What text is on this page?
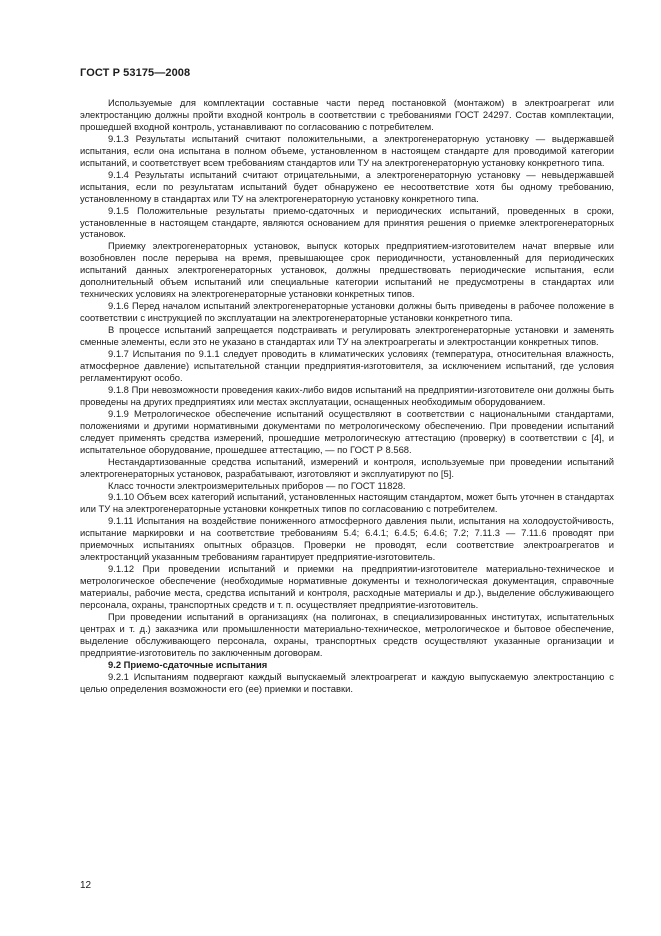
ГОСТ Р 53175—2008

Используемые для комплектации составные части перед постановкой (монтажом) в электроагрегат или электростанцию должны пройти входной контроль в соответствии с требованиями ГОСТ 24297. Состав комплектации, прошедшей входной контроль, устанавливают по согласованию с потребителем.

9.1.3 Результаты испытаний считают положительными, а электрогенераторную установку — выдержавшей испытания, если она испытана в полном объеме, установленном в настоящем стандарте для проводимой категории испытаний, и соответствует всем требованиям стандартов или ТУ на электрогенераторную установку конкретного типа.

9.1.4 Результаты испытаний считают отрицательными, а электрогенераторную установку — невыдержавшей испытания, если по результатам испытаний будет обнаружено ее несоответствие хотя бы одному требованию, установленному в стандартах или ТУ на электрогенераторную установку конкретного типа.

9.1.5 Положительные результаты приемо-сдаточных и периодических испытаний, проведенных в сроки, установленные в настоящем стандарте, являются основанием для принятия решения о приемке электрогенераторных установок.

Приемку электрогенераторных установок, выпуск которых предприятием-изготовителем начат впервые или возобновлен после перерыва на время, превышающее срок периодичности, установленный для периодических испытаний данных электрогенераторных установок, должны предшествовать периодические испытания, если дополнительный объем испытаний или специальные категории испытаний не предусмотрены в стандартах или технических условиях на электрогенераторные установки конкретных типов.

9.1.6 Перед началом испытаний электрогенераторные установки должны быть приведены в рабочее положение в соответствии с инструкцией по эксплуатации на электрогенераторные установки конкретного типа.

В процессе испытаний запрещается подстраивать и регулировать электрогенераторные установки и заменять сменные элементы, если это не указано в стандартах или ТУ на электроагрегаты и электростанции конкретных типов.

9.1.7 Испытания по 9.1.1 следует проводить в климатических условиях (температура, относительная влажность, атмосферное давление) испытательной станции предприятия-изготовителя, за исключением испытаний, где условия регламентируют особо.

9.1.8 При невозможности проведения каких-либо видов испытаний на предприятии-изготовителе они должны быть проведены на других предприятиях или местах эксплуатации, оснащенных необходимым оборудованием.

9.1.9 Метрологическое обеспечение испытаний осуществляют в соответствии с национальными стандартами, положениями и другими нормативными документами по метрологическому обеспечению. При проведении испытаний следует применять средства измерений, прошедшие метрологическую аттестацию (проверку) в соответствии с [4], и испытательное оборудование, прошедшее аттестацию, — по ГОСТ Р 8.568.

Нестандартизованные средства испытаний, измерений и контроля, используемые при проведении испытаний электрогенераторных установок, разрабатывают, изготовляют и эксплуатируют по [5].

Класс точности электроизмерительных приборов — по ГОСТ 11828.

9.1.10 Объем всех категорий испытаний, установленных настоящим стандартом, может быть уточнен в стандартах или ТУ на электрогенераторные установки конкретных типов по согласованию с потребителем.

9.1.11 Испытания на воздействие пониженного атмосферного давления пыли, испытания на холодоустойчивость, испытание маркировки и на соответствие требованиям 5.4; 6.4.1; 6.4.5; 6.4.6; 7.2; 7.11.3 — 7.11.6 проводят при приемочных испытаниях опытных образцов. Проверки не проводят, если соответствие электроагрегатов и электростанций указанным требованиям гарантирует предприятие-изготовитель.

9.1.12 При проведении испытаний и приемки на предприятии-изготовителе материально-техническое и метрологическое обеспечение (необходимые нормативные документы и технологическая документация, справочные материалы, рабочие места, средства испытаний и контроля, расходные материалы и др.), выделение обслуживающего персонала, охраны, транспортных средств и т. п. осуществляет предприятие-изготовитель.

При проведении испытаний в организациях (на полигонах, в специализированных институтах, испытательных центрах и т. д.) заказчика или промышленности материально-техническое, метрологическое и бытовое обеспечение, выделение обслуживающего персонала, охраны, транспортных средств осуществляют указанные организации и предприятие-изготовитель по заключенным договорам.

9.2 Приемо-сдаточные испытания

9.2.1 Испытаниям подвергают каждый выпускаемый электроагрегат и каждую выпускаемую электростанцию с целью определения возможности его (ее) приемки и поставки.

12
